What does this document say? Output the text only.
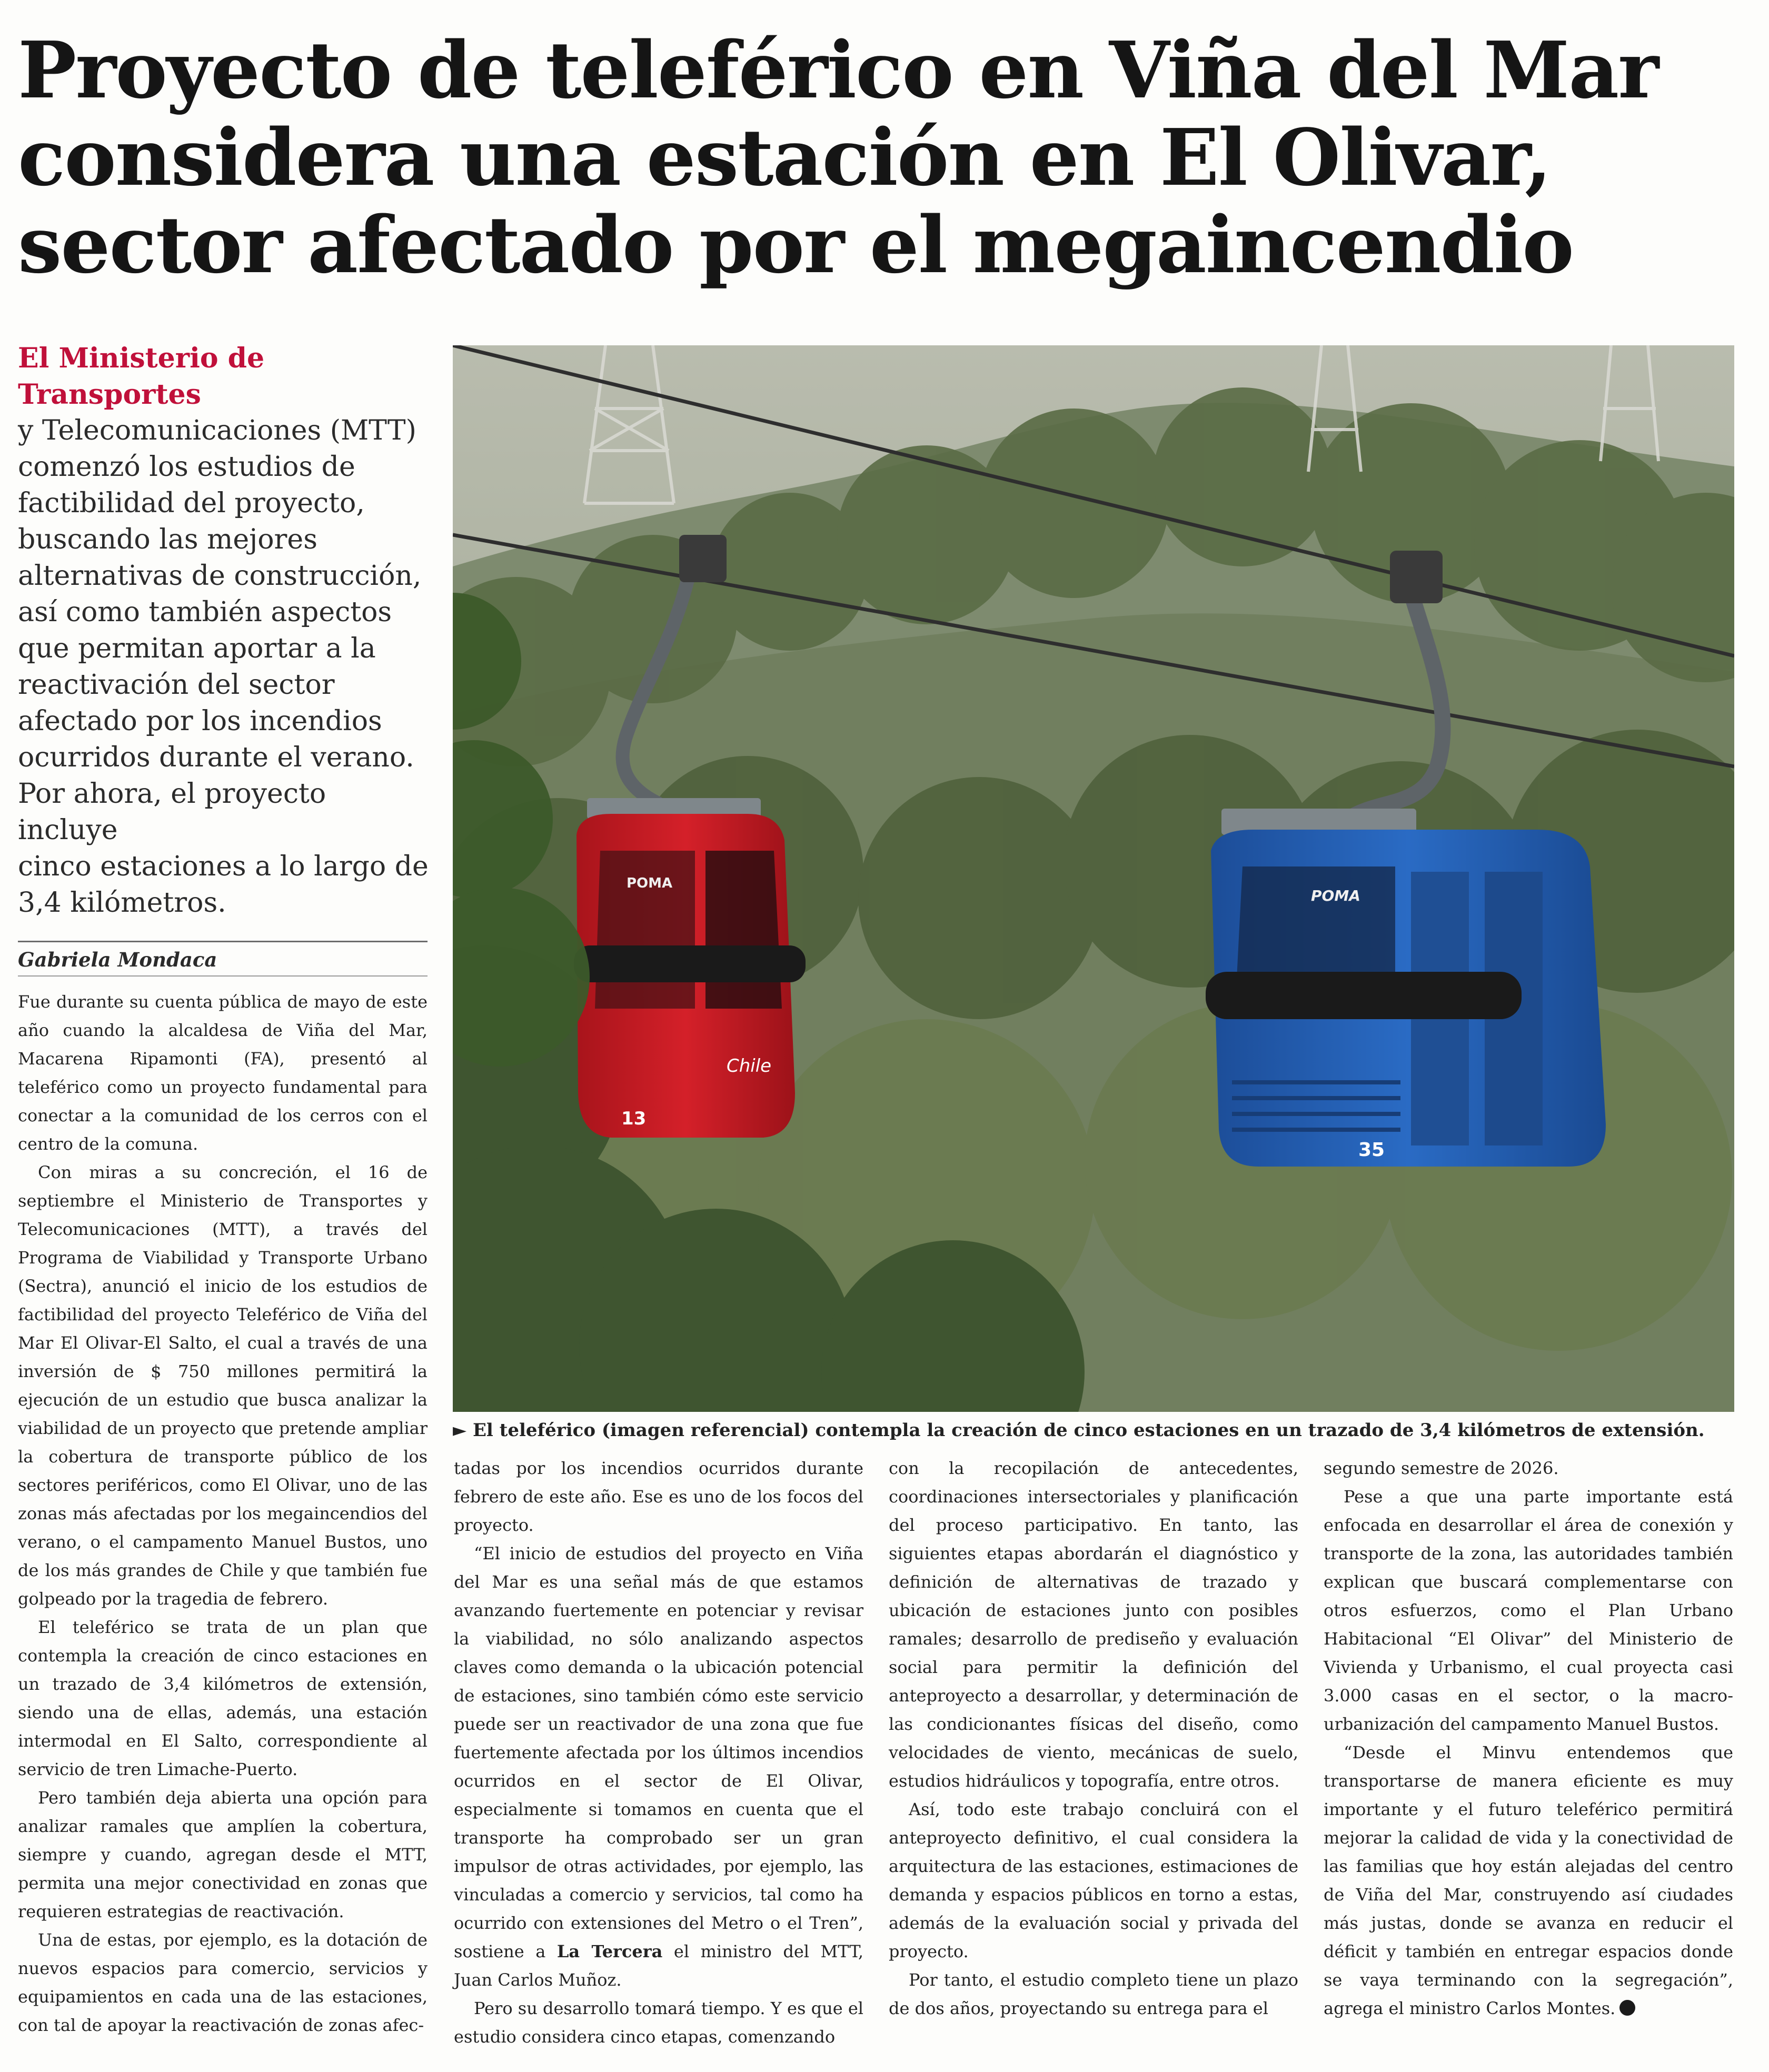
Proyecto de teleférico en Viña del Mar
considera una estación en El Olivar,
sector afectado por el megaincendio
El Ministerio de Transportes
y Telecomunicaciones (MTT)
comenzó los estudios de
factibilidad del proyecto,
buscando las mejores
alternativas de construcción,
así como también aspectos
que permitan aportar a la
reactivación del sector
afectado por los incendios
ocurridos durante el verano.
Por ahora, el proyecto incluye
cinco estaciones a lo largo de
3,4 kilómetros.
Gabriela Mondaca
POMA
Chile
13
POMA
35
► El teleférico (imagen referencial) contempla la creación de cinco estaciones en un trazado de 3,4 kilómetros de extensión.

Fue durante su cuenta pública de mayo de este año cuando la alcaldesa de Viña del Mar, Macarena Ripamonti (FA), presentó al teleférico como un proyecto fundamental para conectar a la comunidad de los cerros con el centro de la comuna.

Con miras a su concreción, el 16 de septiembre el Ministerio de Transportes y Telecomunicaciones (MTT), a través del Programa de Viabilidad y Transporte Urbano (Sectra), anunció el inicio de los estudios de factibilidad del proyecto Teleférico de Viña del Mar El Olivar-El Salto, el cual a través de una inversión de $ 750 millones permitirá la ejecución de un estudio que busca analizar la viabilidad de un proyecto que pretende ampliar la cobertura de transporte público de los sectores periféricos, como El Olivar, uno de las zonas más afectadas por los megaincendios del verano, o el campamento Manuel Bustos, uno de los más grandes de Chile y que también fue golpeado por la tragedia de febrero.

El teleférico se trata de un plan que contempla la creación de cinco estaciones en un trazado de 3,4 kilómetros de extensión, siendo una de ellas, además, una estación intermodal en El Salto, correspondiente al servicio de tren Limache-Puerto.

Pero también deja abierta una opción para analizar ramales que amplíen la cobertura, siempre y cuando, agregan desde el MTT, permita una mejor conectividad en zonas que requieren estrategias de reactivación.

Una de estas, por ejemplo, es la dotación de nuevos espacios para comercio, servicios y equipamientos en cada una de las estaciones, con tal de apoyar la reactivación de zonas afec-

tadas por los incendios ocurridos durante febrero de este año. Ese es uno de los focos del proyecto.

“El inicio de estudios del proyecto en Viña del Mar es una señal más de que estamos avanzando fuertemente en potenciar y revisar la viabilidad, no sólo analizando aspectos claves como demanda o la ubicación potencial de estaciones, sino también cómo este servicio puede ser un reactivador de una zona que fue fuertemente afectada por los últimos incendios ocurridos en el sector de El Olivar, especialmente si tomamos en cuenta que el transporte ha comprobado ser un gran impulsor de otras actividades, por ejemplo, las vinculadas a comercio y servicios, tal como ha ocurrido con extensiones del Metro o el Tren”, sostiene a La Tercera el ministro del MTT, Juan Carlos Muñoz.

Pero su desarrollo tomará tiempo. Y es que el estudio considera cinco etapas, comenzando

con la recopilación de antecedentes, coordinaciones intersectoriales y planificación del proceso participativo. En tanto, las siguientes etapas abordarán el diagnóstico y definición de alternativas de trazado y ubicación de estaciones junto con posibles ramales; desarrollo de prediseño y evaluación social para permitir la definición del anteproyecto a desarrollar, y determinación de las condicionantes físicas del diseño, como velocidades de viento, mecánicas de suelo, estudios hidráulicos y topografía, entre otros.

Así, todo este trabajo concluirá con el anteproyecto definitivo, el cual considera la arquitectura de las estaciones, estimaciones de demanda y espacios públicos en torno a estas, además de la evaluación social y privada del proyecto.

Por tanto, el estudio completo tiene un plazo de dos años, proyectando su entrega para el

segundo semestre de 2026.

Pese a que una parte importante está enfocada en desarrollar el área de conexión y transporte de la zona, las autoridades también explican que buscará complementarse con otros esfuerzos, como el Plan Urbano Habitacional “El Olivar” del Ministerio de Vivienda y Urbanismo, el cual proyecta casi 3.000 casas en el sector, o la macro-urbanización del campamento Manuel Bustos.

“Desde el Minvu entendemos que transportarse de manera eficiente es muy importante y el futuro teleférico permitirá mejorar la calidad de vida y la conectividad de las familias que hoy están alejadas del centro de Viña del Mar, construyendo así ciudades más justas, donde se avanza en reducir el déficit y también en entregar espacios donde se vaya terminando con la segregación”, agrega el ministro Carlos Montes.
